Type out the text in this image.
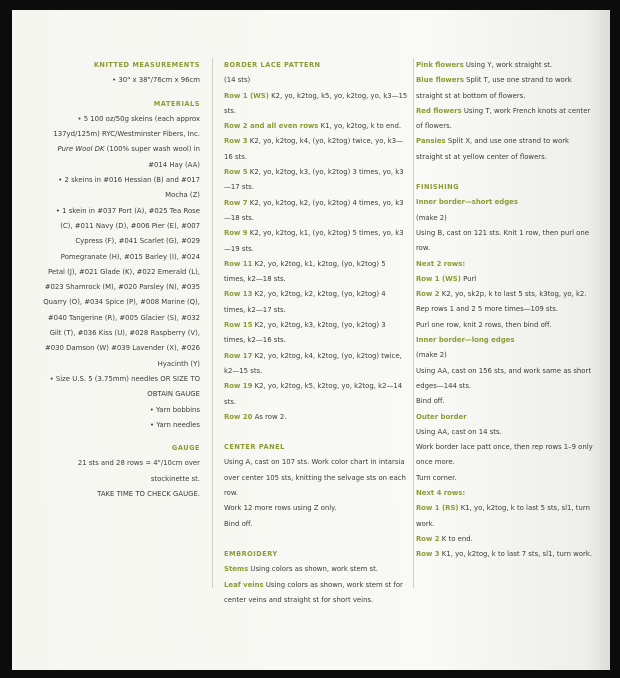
KNITTED MEASUREMENTS

• 30" x 38"/76cm x 96cm

MATERIALS

• 5 100 oz/50g skeins (each approx 137yd/125m) RYC/Westminster Fibers, Inc. Pure Wool DK (100% super wash wool) in #014 Hay (AA)

• 2 skeins in #016 Hessian (B) and #017 Mocha (Z)

• 1 skein in #037 Port (A), #025 Tea Rose (C), #011 Navy (D), #006 Pier (E), #007 Cypress (F), #041 Scarlet (G), #029 Pomegranate (H), #015 Barley (I), #024 Petal (J), #021 Glade (K), #022 Emerald (L), #023 Shamrock (M), #020 Parsley (N), #035 Quarry (O), #034 Spice (P), #008 Marine (Q), #040 Tangerine (R), #005 Glacier (S), #032 Gilt (T), #036 Kiss (U), #028 Raspberry (V), #030 Damson (W) #039 Lavender (X), #026 Hyacinth (Y)

• Size U.S. 5 (3.75mm) needles OR SIZE TO OBTAIN GAUGE

• Yarn bobbins

• Yarn needles

GAUGE

21 sts and 28 rows = 4"/10cm over stockinette st.

TAKE TIME TO CHECK GAUGE.

BORDER LACE PATTERN

(14 sts)

Row 1 (WS) K2, yo, k2tog, k5, yo, k2tog, yo, k3—15 sts.

Row 2 and all even rows K1, yo, k2tog, k to end.

Row 3 K2, yo, k2tog, k4, (yo, k2tog) twice, yo, k3—16 sts.

Row 5 K2, yo, k2tog, k3, (yo, k2tog) 3 times, yo, k3—17 sts.

Row 7 K2, yo, k2tog, k2, (yo, k2tog) 4 times, yo, k3—18 sts.

Row 9 K2, yo, k2tog, k1, (yo, k2tog) 5 times, yo, k3—19 sts.

Row 11 K2, yo, k2tog, k1, k2tog, (yo, k2tog) 5 times, k2—18 sts.

Row 13 K2, yo, k2tog, k2, k2tog, (yo, k2tog) 4 times, k2—17 sts.

Row 15 K2, yo, k2tog, k3, k2tog, (yo, k2tog) 3 times, k2—16 sts.

Row 17 K2, yo, k2tog, k4, k2tog, (yo, k2tog) twice, k2—15 sts.

Row 19 K2, yo, k2tog, k5, k2tog, yo, k2tog, k2—14 sts.

Row 20 As row 2.

CENTER PANEL

Using A, cast on 107 sts. Work color chart in intarsia over center 105 sts, knitting the selvage sts on each row.

Work 12 more rows using Z only.

Bind off.

EMBROIDERY

Stems Using colors as shown, work stem st.

Leaf veins Using colors as shown, work stem st for center veins and straight st for short veins.

Pink flowers Using Y, work straight st.

Blue flowers Split T, use one strand to work straight st at bottom of flowers.

Red flowers Using T, work French knots at center of flowers.

Pansies Split X, and use one strand to work straight st at yellow center of flowers.

FINISHING

Inner border—short edges

(make 2)

Using B, cast on 121 sts. Knit 1 row, then purl one row.

Next 2 rows:

Row 1 (WS) Purl

Row 2 K2, yo, sk2p, k to last 5 sts, k3tog, yo, k2.

Rep rows 1 and 2 5 more times—109 sts.

Purl one row, knit 2 rows, then bind off.

Inner border—long edges

(make 2)

Using AA, cast on 156 sts, and work same as short edges—144 sts.

Bind off.

Outer border

Using AA, cast on 14 sts.

Work border lace patt once, then rep rows 1–9 only once more.

Turn corner.

Next 4 rows:

Row 1 (RS) K1, yo, k2tog, k to last 5 sts, sl1, turn work.

Row 2 K to end.

Row 3 K1, yo, k2tog, k to last 7 sts, sl1, turn work.
